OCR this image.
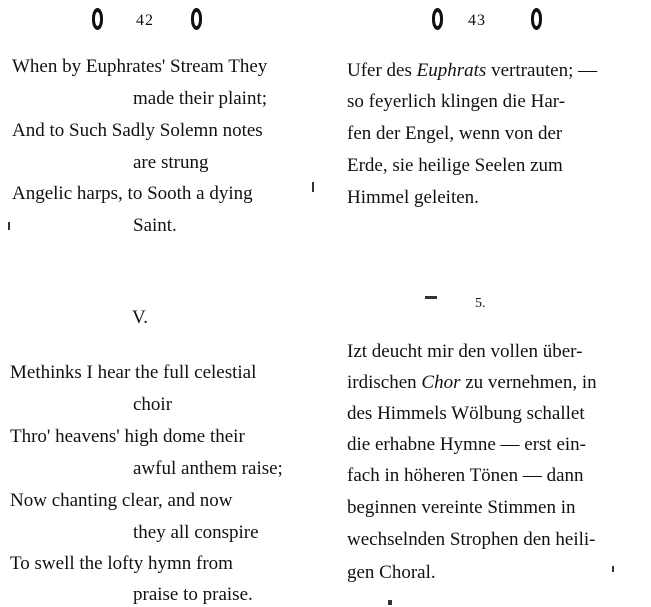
42
When by Euphrates' Stream They
made their plaint;
And to Such Sadly Solemn notes
are strung
Angelic harps, to Sooth a dying
Saint.
V.
Methinks I hear the full celestial
choir
Thro' heavens' high dome their
awful anthem raise;
Now chanting clear, and now
they all conspire
To swell the lofty hymn from
praise to praise.
43
Ufer des Euphrats vertrauten; —
so feyerlich klingen die Har-
fen der Engel, wenn von der
Erde, sie heilige Seelen zum
Himmel geleiten.
5.
Izt deucht mir den vollen über-
irdischen Chor zu vernehmen, in
des Himmels Wölbung schallet
die erhabne Hymne — erst ein-
fach in höheren Tönen — dann
beginnen vereinte Stimmen in
wechselnden Strophen den heili-
gen Choral.
